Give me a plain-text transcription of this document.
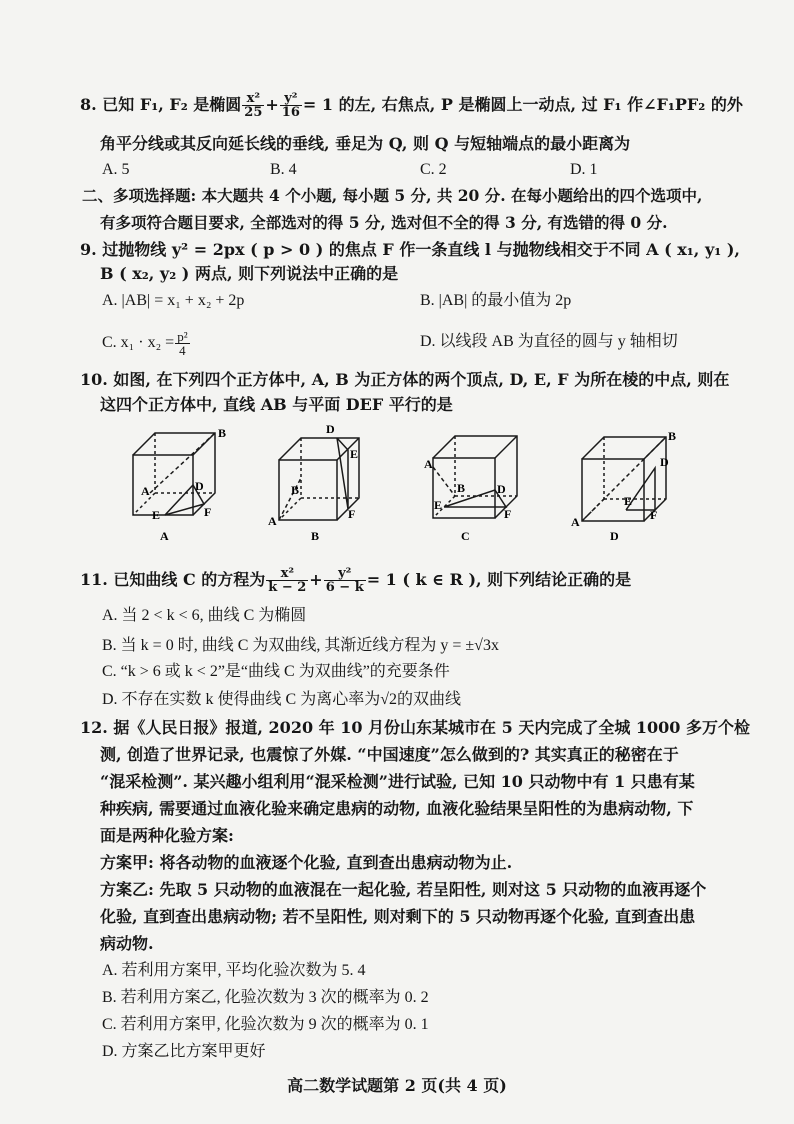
8. 已知 F₁, F₂ 是椭圆 $\frac{\text{x²}}{25} + \frac{\text{y²}}{16} = 1$ 的左, 右焦点, P 是椭圆上一动点, 过 F₁ 作∠F₁PF₂ 的外
角平分线或其反向延长线的垂线, 垂足为 Q, 则 Q 与短轴端点的最小距离为
A. 5	B. 4	C. 2	D. 1
二、多项选择题: 本大题共 4 个小题, 每小题 5 分, 共 20 分. 在每小题给出的四个选项中,
有多项符合题目要求, 全部选对的得 5 分, 选对但不全的得 3 分, 有选错的得 0 分.
9. 过抛物线 y² = 2px ( p > 0 ) 的焦点 F 作一条直线 l 与抛物线相交于不同 A ( x₁, y₁ ),
B ( x₂, y₂ ) 两点, 则下列说法中正确的是
A. |AB| = x₁ + x₂ + 2p	B. |AB| 的最小值为 2p
C. $x_1 \cdot x_2 = \frac{\text{p²}}{4}$	D. 以线段 AB 为直径的圆与 y 轴相切
10. 如图, 在下列四个正方体中, A, B 为正方体的两个顶点, D, E, F 为所在棱的中点, 则在
这四个正方体中, 直线 AB 与平面 DEF 平行的是
B
A	D
E	F
A
D
E
B
A	F
B
A
B	D
E
F
C
B
D
E
F
A
D
11. 已知曲线 C 的方程为 $\frac{\text{x²}}{k - 2} + \frac{\text{y²}}{6 - k} = 1$ ( k ∈ R ), 则下列结论正确的是
A. 当 2 < k < 6, 曲线 C 为椭圆
B. 当 k = 0 时, 曲线 C 为双曲线, 其渐近线方程为 y = ±√3x
C. “k > 6 或 k < 2”是“曲线 C 为双曲线”的充要条件
D. 不存在实数 k 使得曲线 C 为离心率为√2的双曲线
12. 据《人民日报》报道, 2020 年 10 月份山东某城市在 5 天内完成了全城 1000 多万个检
测, 创造了世界记录, 也震惊了外媒. “中国速度”怎么做到的? 其实真正的秘密在于
“混采检测”. 某兴趣小组利用“混采检测”进行试验, 已知 10 只动物中有 1 只患有某
种疾病, 需要通过血液化验来确定患病的动物, 血液化验结果呈阳性的为患病动物, 下
面是两种化验方案:
方案甲: 将各动物的血液逐个化验, 直到查出患病动物为止.
方案乙: 先取 5 只动物的血液混在一起化验, 若呈阳性, 则对这 5 只动物的血液再逐个
化验, 直到查出患病动物; 若不呈阳性, 则对剩下的 5 只动物再逐个化验, 直到查出患
病动物.
A. 若利用方案甲, 平均化验次数为 5. 4
B. 若利用方案乙, 化验次数为 3 次的概率为 0. 2
C. 若利用方案甲, 化验次数为 9 次的概率为 0. 1
D. 方案乙比方案甲更好
高二数学试题第 2 页(共 4 页)
